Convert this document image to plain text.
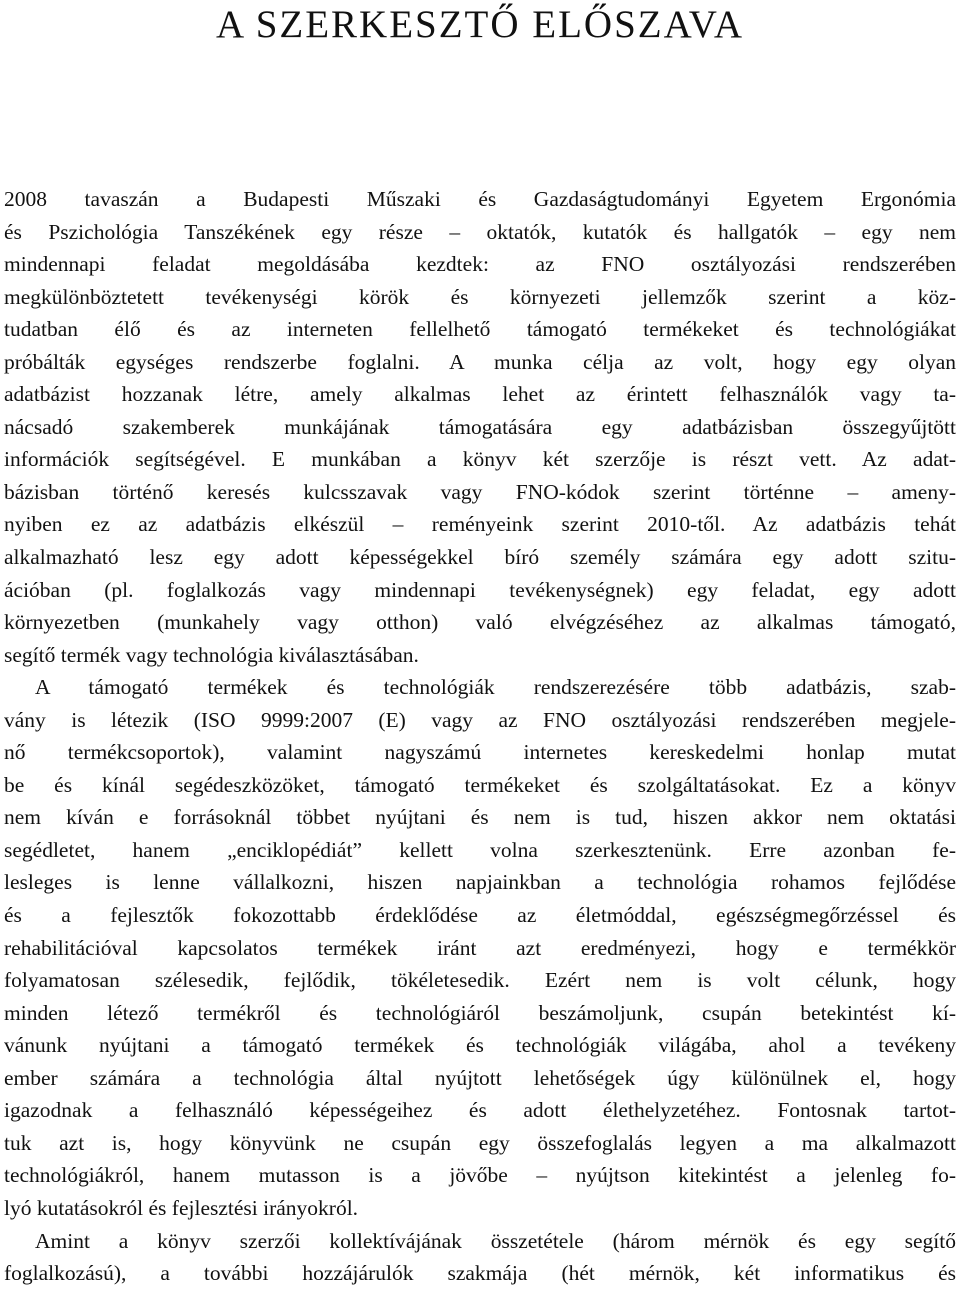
A SZERKESZTŐ ELŐSZAVA
2008 tavaszán a Budapesti Műszaki és Gazdaságtudományi Egyetem Ergonómia
és Pszichológia Tanszékének egy része – oktatók, kutatók és hallgatók – egy nem
mindennapi feladat megoldásába kezdtek: az FNO osztályozási rendszerében
megkülönböztetett tevékenységi körök és környezeti jellemzők szerint a köz-
tudatban élő és az interneten fellelhető támogató termékeket és technológiákat
próbálták egységes rendszerbe foglalni. A munka célja az volt, hogy egy olyan
adatbázist hozzanak létre, amely alkalmas lehet az érintett felhasználók vagy ta-
nácsadó szakemberek munkájának támogatására egy adatbázisban összegyűjtött
információk segítségével. E munkában a könyv két szerzője is részt vett. Az adat-
bázisban történő keresés kulcsszavak vagy FNO-kódok szerint történne – ameny-
nyiben ez az adatbázis elkészül – reményeink szerint 2010-től. Az adatbázis tehát
alkalmazható lesz egy adott képességekkel bíró személy számára egy adott szitu-
ációban (pl. foglalkozás vagy mindennapi tevékenységnek) egy feladat, egy adott
környezetben (munkahely vagy otthon) való elvégzéséhez az alkalmas támogató,
segítő termék vagy technológia kiválasztásában.
A támogató termékek és technológiák rendszerezésére több adatbázis, szab-
vány is létezik (ISO 9999:2007 (E) vagy az FNO osztályozási rendszerében megjele-
nő termékcsoportok), valamint nagyszámú internetes kereskedelmi honlap mutat
be és kínál segédeszközöket, támogató termékeket és szolgáltatásokat. Ez a könyv
nem kíván e forrásoknál többet nyújtani és nem is tud, hiszen akkor nem oktatási
segédletet, hanem „enciklopédiát” kellett volna szerkesztenünk. Erre azonban fe-
lesleges is lenne vállalkozni, hiszen napjainkban a technológia rohamos fejlődése
és a fejlesztők fokozottabb érdeklődése az életmóddal, egészségmegőrzéssel és
rehabilitációval kapcsolatos termékek iránt azt eredményezi, hogy e termékkör
folyamatosan szélesedik, fejlődik, tökéletesedik. Ezért nem is volt célunk, hogy
minden létező termékről és technológiáról beszámoljunk, csupán betekintést kí-
vánunk nyújtani a támogató termékek és technológiák világába, ahol a tevékeny
ember számára a technológia által nyújtott lehetőségek úgy különülnek el, hogy
igazodnak a felhasználó képességeihez és adott élethelyzetéhez. Fontosnak tartot-
tuk azt is, hogy könyvünk ne csupán egy összefoglalás legyen a ma alkalmazott
technológiákról, hanem mutasson is a jövőbe – nyújtson kitekintést a jelenleg fo-
lyó kutatásokról és fejlesztési irányokról.
Amint a könyv szerzői kollektívájának összetétele (három mérnök és egy segítő
foglalkozású), a további hozzájárulók szakmája (hét mérnök, két informatikus és
